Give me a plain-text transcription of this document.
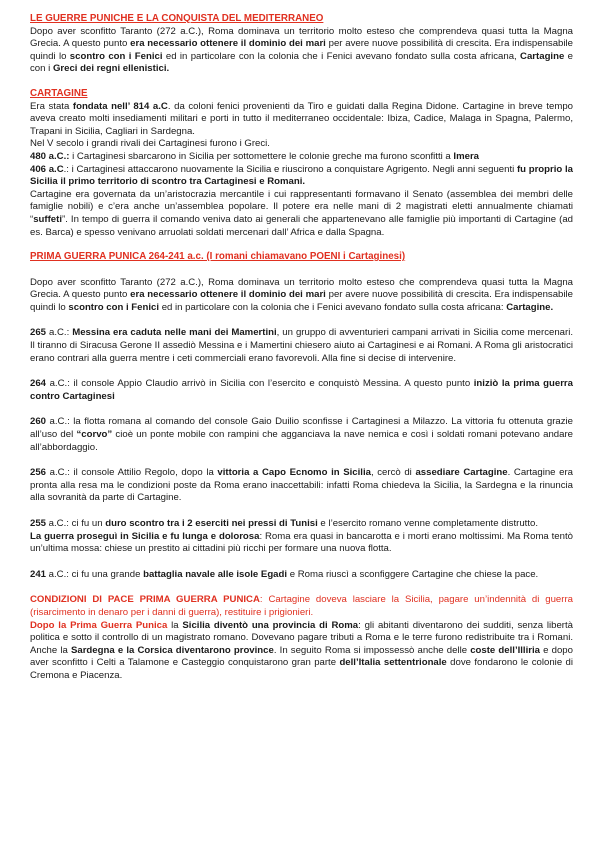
LE GUERRE PUNICHE E LA CONQUISTA DEL MEDITERRANEO

Dopo aver sconfitto Taranto (272 a.C.), Roma dominava un territorio molto esteso che comprendeva quasi tutta la Magna Grecia. A questo punto era necessario ottenere il dominio dei mari per avere nuove possibilità di crescita. Era indispensabile quindi lo scontro con i Fenici ed in particolare con la colonia che i Fenici avevano fondato sulla costa africana, Cartagine e con i Greci dei regni ellenistici.

CARTAGINE

Era stata fondata nell’ 814 a.C. da coloni fenici provenienti da Tiro e guidati dalla Regina Didone. Cartagine in breve tempo aveva creato molti insediamenti militari e porti in tutto il mediterraneo occidentale: Ibiza, Cadice, Malaga in Spagna, Palermo, Trapani in Sicilia, Cagliari in Sardegna.

Nel V secolo i grandi rivali dei Cartaginesi furono i Greci.

480 a.C.: i Cartaginesi sbarcarono in Sicilia per sottomettere le colonie greche ma furono sconfitti a Imera

406 a.C.: i Cartaginesi attaccarono nuovamente la Sicilia e riuscirono a conquistare Agrigento. Negli anni seguenti fu proprio la Sicilia il primo territorio di scontro tra Cartaginesi e Romani.

Cartagine era governata da un’aristocrazia mercantile i cui rappresentanti formavano il Senato (assemblea dei membri delle famiglie nobili) e c’era anche un’assemblea popolare. Il potere era nelle mani di 2 magistrati eletti annualmente chiamati “suffeti”. In tempo di guerra il comando veniva dato ai generali che appartenevano alle famiglie più importanti di Cartagine (ad es. Barca) e spesso venivano arruolati soldati mercenari dall’ Africa e dalla Spagna.

PRIMA GUERRA PUNICA 264-241 a.c. (I romani chiamavano POENI i Cartaginesi)

Dopo aver sconfitto Taranto (272 a.C.), Roma dominava un territorio molto esteso che comprendeva quasi tutta la Magna Grecia. A questo punto era necessario ottenere il dominio dei mari per avere nuove possibilità di crescita. Era indispensabile quindi lo scontro con i Fenici ed in particolare con la colonia che i Fenici avevano fondato sulla costa africana: Cartagine.

265 a.C.: Messina era caduta nelle mani dei Mamertini, un gruppo di avventurieri campani arrivati in Sicilia come mercenari. Il tiranno di Siracusa Gerone II assediò Messina e i Mamertini chiesero aiuto ai Cartaginesi e ai Romani. A Roma gli aristocratici erano contrari alla guerra mentre i ceti commerciali erano favorevoli. Alla fine si decise di intervenire.

264 a.C.: il console Appio Claudio arrivò in Sicilia con l’esercito e conquistò Messina. A questo punto iniziò la prima guerra contro Cartaginesi

260 a.C.: la flotta romana al comando del console Gaio Duilio sconfisse i Cartaginesi a Milazzo. La vittoria fu ottenuta grazie all’uso del “corvo” cioè un ponte mobile con rampini che agganciava la nave nemica e così i soldati romani potevano andare all’abbordaggio.

256 a.C.: il console Attilio Regolo, dopo la vittoria a Capo Ecnomo in Sicilia, cercò di assediare Cartagine. Cartagine era pronta alla resa ma le condizioni poste da Roma erano inaccettabili: infatti Roma chiedeva la Sicilia, la Sardegna e la rinuncia alla sovranità da parte di Cartagine.

255 a.C.: ci fu un duro scontro tra i 2 eserciti nei pressi di Tunisi e l’esercito romano venne completamente distrutto.

La guerra proseguì in Sicilia e fu lunga e dolorosa: Roma era quasi in bancarotta e i morti erano moltissimi. Ma Roma tentò un’ultima mossa: chiese un prestito ai cittadini più ricchi per formare una nuova flotta.

241 a.C.: ci fu una grande battaglia navale alle isole Egadi e Roma riuscì a sconfiggere Cartagine che chiese la pace.

CONDIZIONI DI PACE PRIMA GUERRA PUNICA: Cartagine doveva lasciare la Sicilia, pagare un’indennità di guerra (risarcimento in denaro per i danni di guerra), restituire i prigionieri.

Dopo la Prima Guerra Punica la Sicilia diventò una provincia di Roma: gli abitanti diventarono dei sudditi, senza libertà politica e sotto il controllo di un magistrato romano. Dovevano pagare tributi a Roma e le terre furono redistribuite tra i Romani. Anche la Sardegna e la Corsica diventarono province. In seguito Roma si impossessò anche delle coste dell’Illiria e dopo aver sconfitto i Celti a Talamone e Casteggio conquistarono gran parte dell’Italia settentrionale dove fondarono le colonie di Cremona e Piacenza.
